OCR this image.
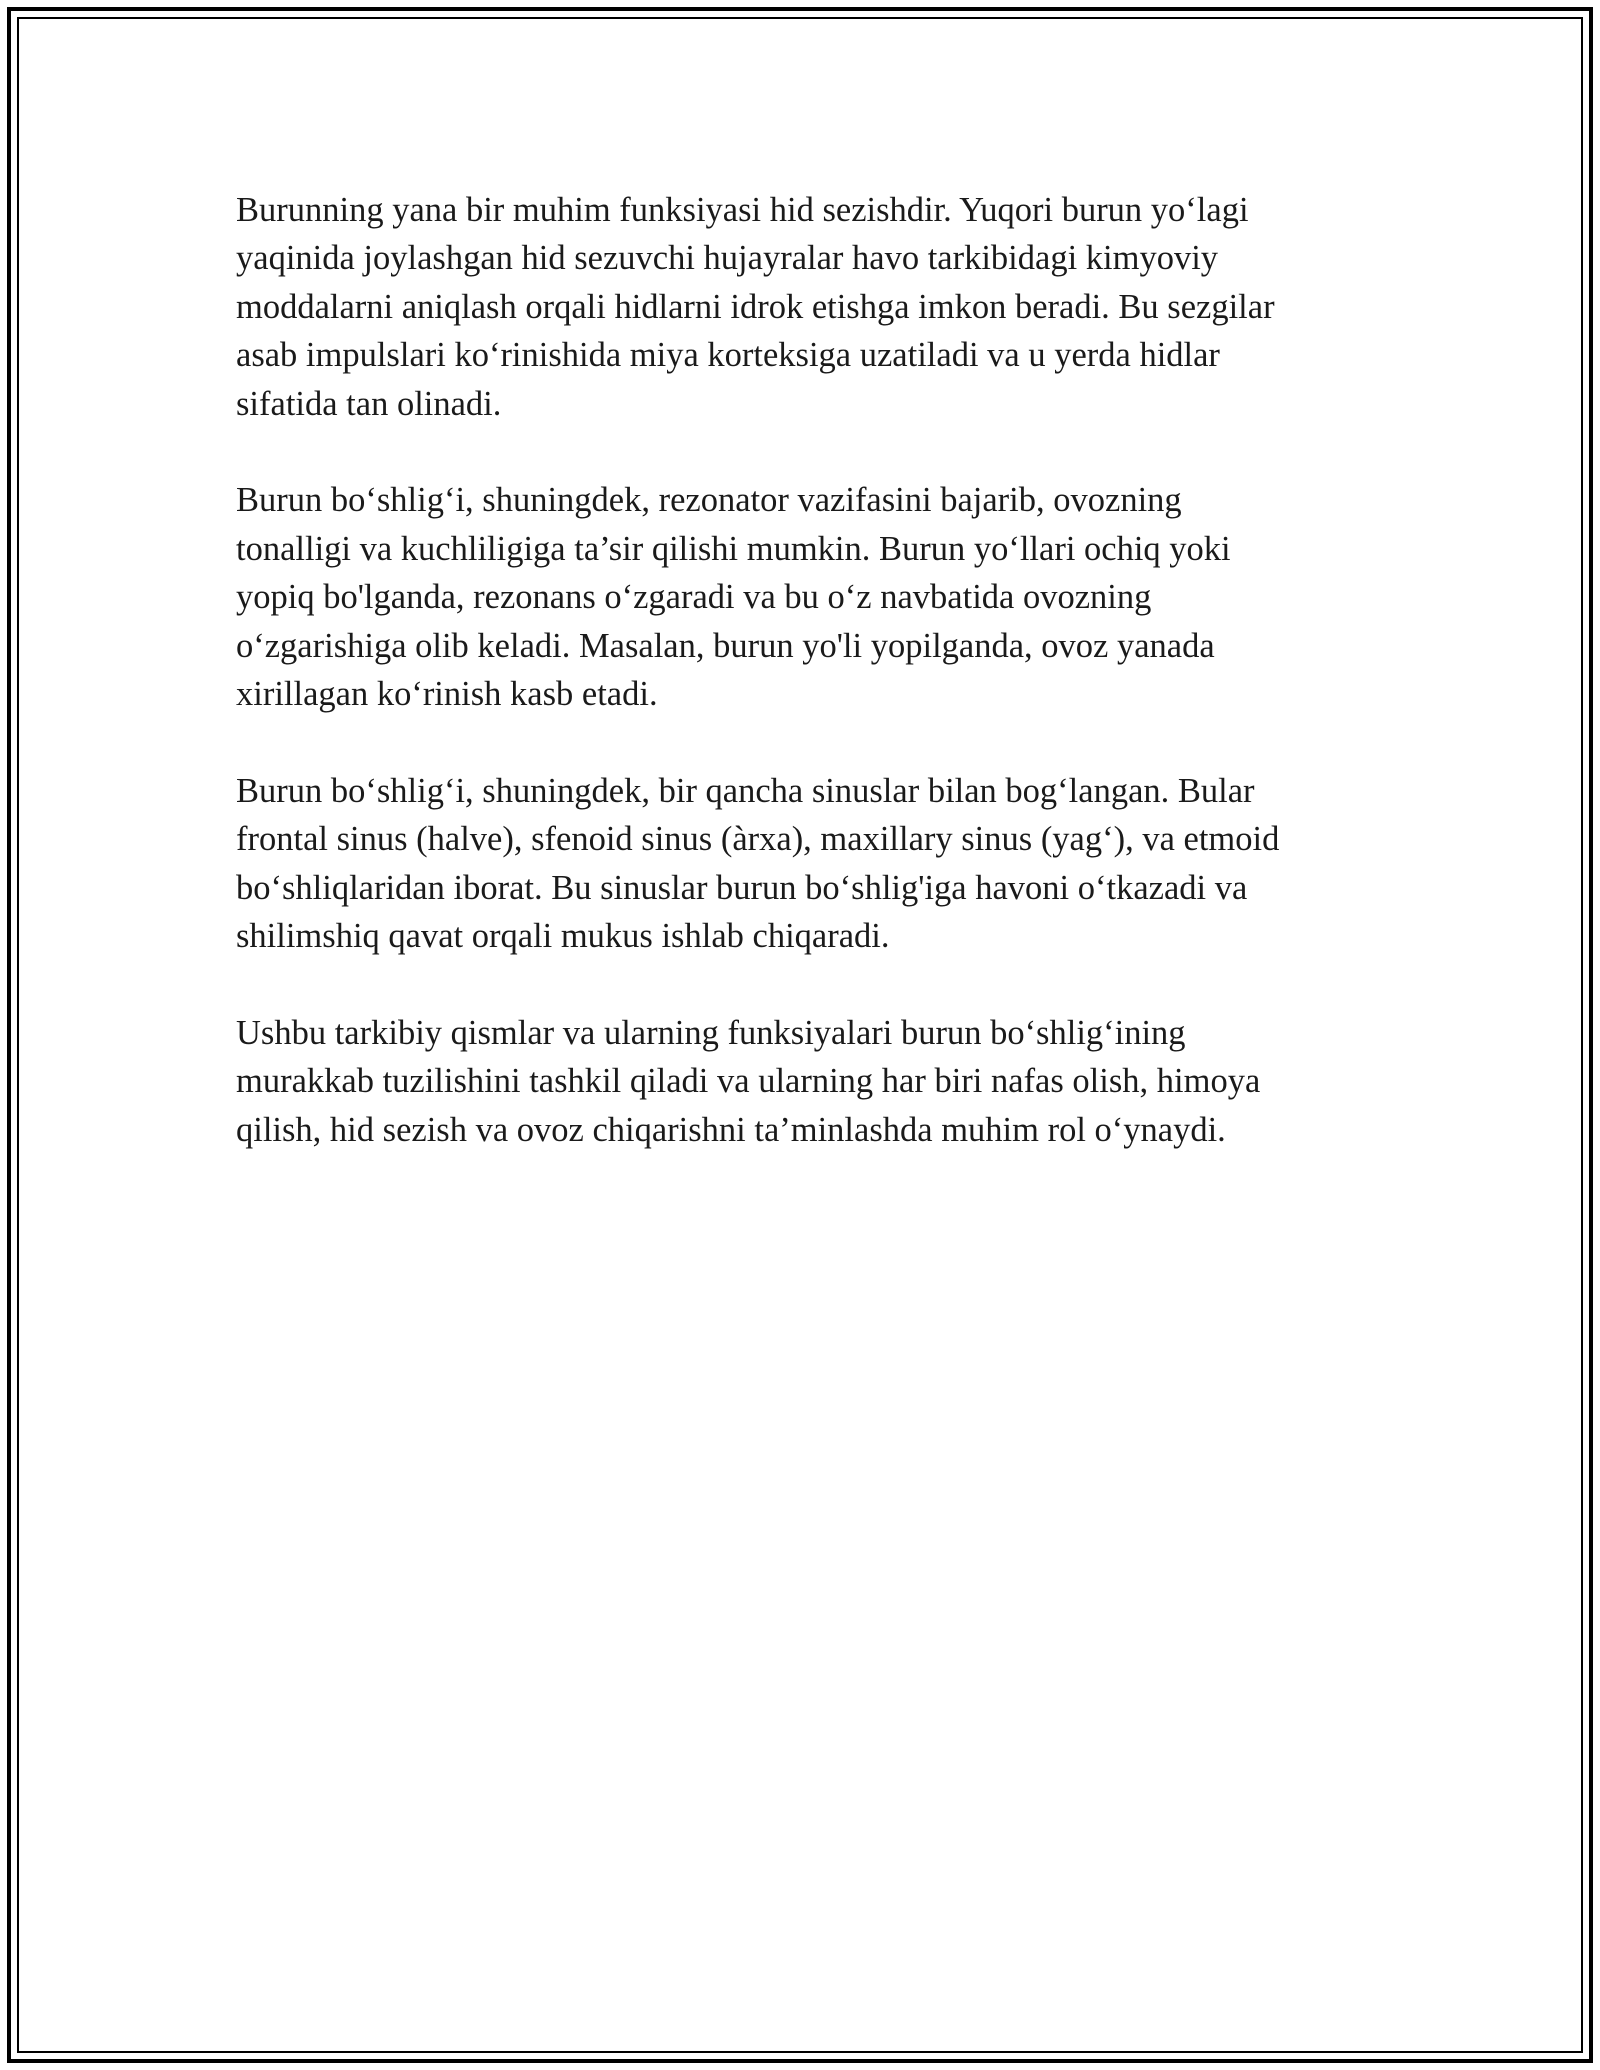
Burunning yana bir muhim funksiyasi hid sezishdir. Yuqori burun yo‘lagi
yaqinida joylashgan hid sezuvchi hujayralar havo tarkibidagi kimyoviy
moddalarni aniqlash orqali hidlarni idrok etishga imkon beradi. Bu sezgilar
asab impulslari ko‘rinishida miya korteksiga uzatiladi va u yerda hidlar
sifatida tan olinadi.

Burun bo‘shlig‘i, shuningdek, rezonator vazifasini bajarib, ovozning
tonalligi va kuchliligiga ta’sir qilishi mumkin. Burun yo‘llari ochiq yoki
yopiq bo'lganda, rezonans o‘zgaradi va bu o‘z navbatida ovozning
o‘zgarishiga olib keladi. Masalan, burun yo'li yopilganda, ovoz yanada
xirillagan ko‘rinish kasb etadi.

Burun bo‘shlig‘i, shuningdek, bir qancha sinuslar bilan bog‘langan. Bular
frontal sinus (halve), sfenoid sinus (àrxa), maxillary sinus (yag‘), va etmoid
bo‘shliqlaridan iborat. Bu sinuslar burun bo‘shlig'iga havoni o‘tkazadi va
shilimshiq qavat orqali mukus ishlab chiqaradi.

Ushbu tarkibiy qismlar va ularning funksiyalari burun bo‘shlig‘ining
murakkab tuzilishini tashkil qiladi va ularning har biri nafas olish, himoya
qilish, hid sezish va ovoz chiqarishni ta’minlashda muhim rol o‘ynaydi.
